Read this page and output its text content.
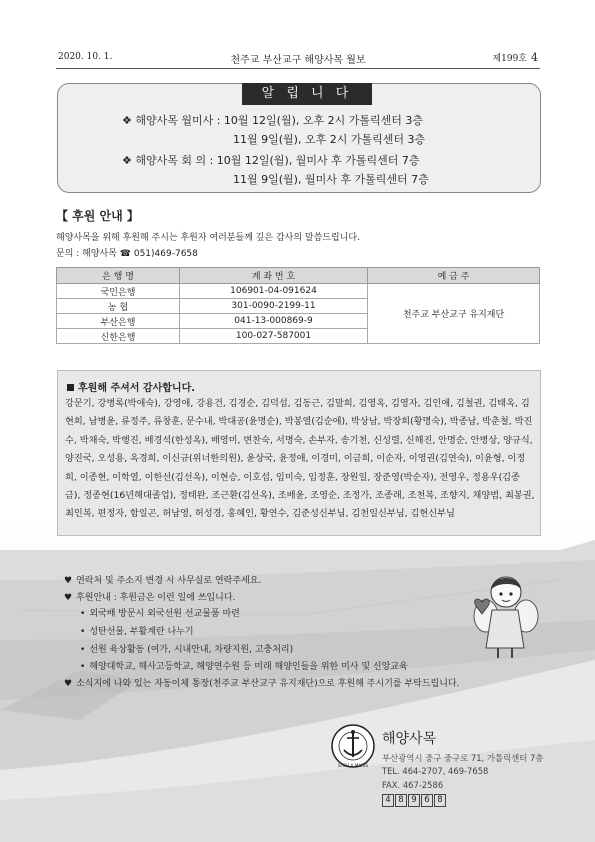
2020. 10. 1.	천주교 부산교구 해양사목 월보	제199호 4
알 립 니 다
❖ 해양사목 월미사 : 10월 12일(월), 오후 2시 가톨릭센터 3층
11월 9일(월), 오후 2시 가톨릭센터 3층
❖ 해양사목 회 의 : 10월 12일(월), 월미사 후 가톨릭센터 7층
11월 9일(월), 월미사 후 가톨릭센터 7층
【 후원 안내 】
해양사목을 위해 후원해 주시는 후원자 여러분들께 깊은 감사의 말씀드립니다.
문의 : 해양사목 ☎ 051)469-7658
은 행 명	계 좌 번 호	예 금 주
국민은행	106901-04-091624	천주교 부산교구 유지재단
농 협	301-0090-2199-11	
부산은행	041-13-000869-9	
신한은행	100-027-587001	
후원해 주셔서 감사합니다.
강문기, 강병록(박애숙), 강영애, 강용건, 김경순, 김덕섭, 김동근, 김말희, 김영옥, 김영자, 김인애, 김철권, 김태옥, 김현희, 남병윤, 류정주, 류창훈, 문수내, 박대공(윤명순), 박봉열(김순애), 박상남, 박장희(황명숙), 박종남, 박춘철, 박진수, 박채숙, 박행진, 배경석(한성옥), 배영미, 변찬숙, 서명숙, 손부자, 송기천, 신성렬, 신해진, 안명순, 안병상, 양규식, 양진국, 오성용, 옥경희, 이신규(위너한의원), 윤상국, 윤정애, 이경미, 이금희, 이순자, 이영권(김연숙), 이윤형, 이정희, 이종현, 이학열, 이한선(김선옥), 이현승, 이호섭, 임미숙, 임정훈, 장원일, 장준영(박순자), 전영우, 정용우(김종금), 정종현(16년해대졸업), 정태완, 조근환(김선옥), 조배윤, 조영순, 조정가, 조종래, 조천복, 조향지, 채양범, 최봉권, 최인복, 편정자, 함일곤, 허남영, 허성경, 홍혜인, 황연수, 김준성신부님, 김천일신부님, 김현신부님
♥ 연락처 및 주소지 변경 시 사무실로 연락주세요.
♥ 후원안내 : 후원금은 이런 일에 쓰입니다.
• 외국배 방문시 외국선원 선교물품 마련
• 성탄선물, 부활계란 나누기
• 선원 육상활동 (여가, 시내안내, 차량지원, 고충처리)
• 해양대학교, 해사고등학교, 해양연수원 등 미래 해양인들을 위한 미사 및 신앙교육
♥ 소식지에 나와 있는 자동이체 통장(천주교 부산교구 유지재단)으로 후원해 주시기를 부탁드립니다.
STELLA MARIS
해양사목
부산광역시 중구 중구로 71, 가톨릭센터 7층
TEL. 464-2707, 469-7658
FAX. 467-2586
4 8 9 6 8
